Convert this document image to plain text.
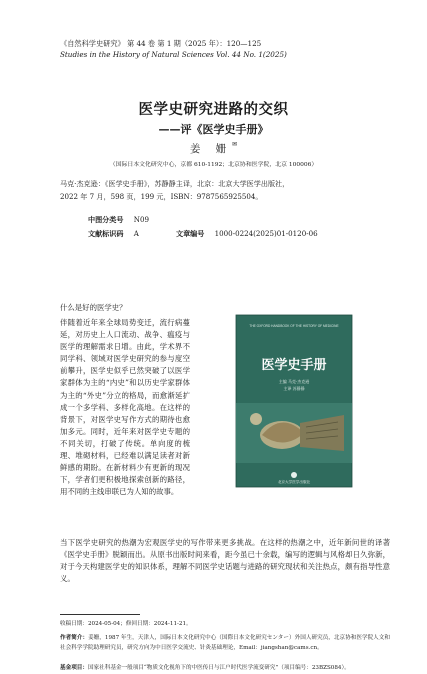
《自然科学史研究》 第 44 卷 第 1 期（2025 年）：120—125
Studies in the History of Natural Sciences Vol. 44 No. 1(2025)
医学史研究进路的交织
——评《医学史手册》
姜 姗✉
（国际日本文化研究中心，京都 610-1192；北京协和医学院，北京 100006）
马克·杰克逊：《医学史手册》，苏静静主译，北京：北京大学医学出版社，
2022 年 7 月，598 页，199 元，ISBN：9787565925504。
中图分类号 N09
文献标识码 A	文章编号 1000-0224(2025)01-0120-06
什么是好的医学史？
伴随着近年来全球局势变迁，流行病蔓延，对历史上人口流动、战争、瘟疫与医学的理解需求日增。由此，学术界不同学科、领域对医学史研究的参与度空前攀升，医学史似乎已然突破了以医学家群体为主的“内史”和以历史学家群体为主的“外史”分立的格局，而愈渐延扩成一个多学科、多样化高地。在这样的背景下，对医学史写作方式的期待也愈加多元。同时，近年来对医学史专题的不同关切，打破了传统。单向度的梳理、堆砌材料，已经难以满足读者对新鲜感的期盼。在新材料少有更新的现况下，学者们更积极地探索创新的路径，用不同的主线串联已为人知的故事。
THE OXFORD HANDBOOK OF THE HISTORY OF MEDICINE
医学史手册
主编 马克·杰克逊
主译 苏静静
北京大学医学出版社
当下医学史研究的热潮为宏观医学史的写作带来更多挑战。在这样的热潮之中，近年新问世的译著《医学史手册》脱颖而出。从原书出版时间来看，距今虽已十余载，编写的逻辑与风格却日久弥新，对于今天构建医学史的知识体系，理解不同医学史话题与进路的研究现状和关注热点，颇有指导性意义。
收稿日期：2024-05-04；修回日期：2024-11-21。
作者简介：姜姗，1987 年生，天津人，国际日本文化研究中心（国際日本文化研究センター）外国人研究员，北京协和医学院人文和社会科学学院助理研究员，研究方向为中日医学交流史、针灸基础理论，Email：jiangshan@cams.cn。
基金项目：国家社科基金一般项目“物质文化视角下的中医传日与江户时代医学流变研究”（项目编号：23BZS084）。
